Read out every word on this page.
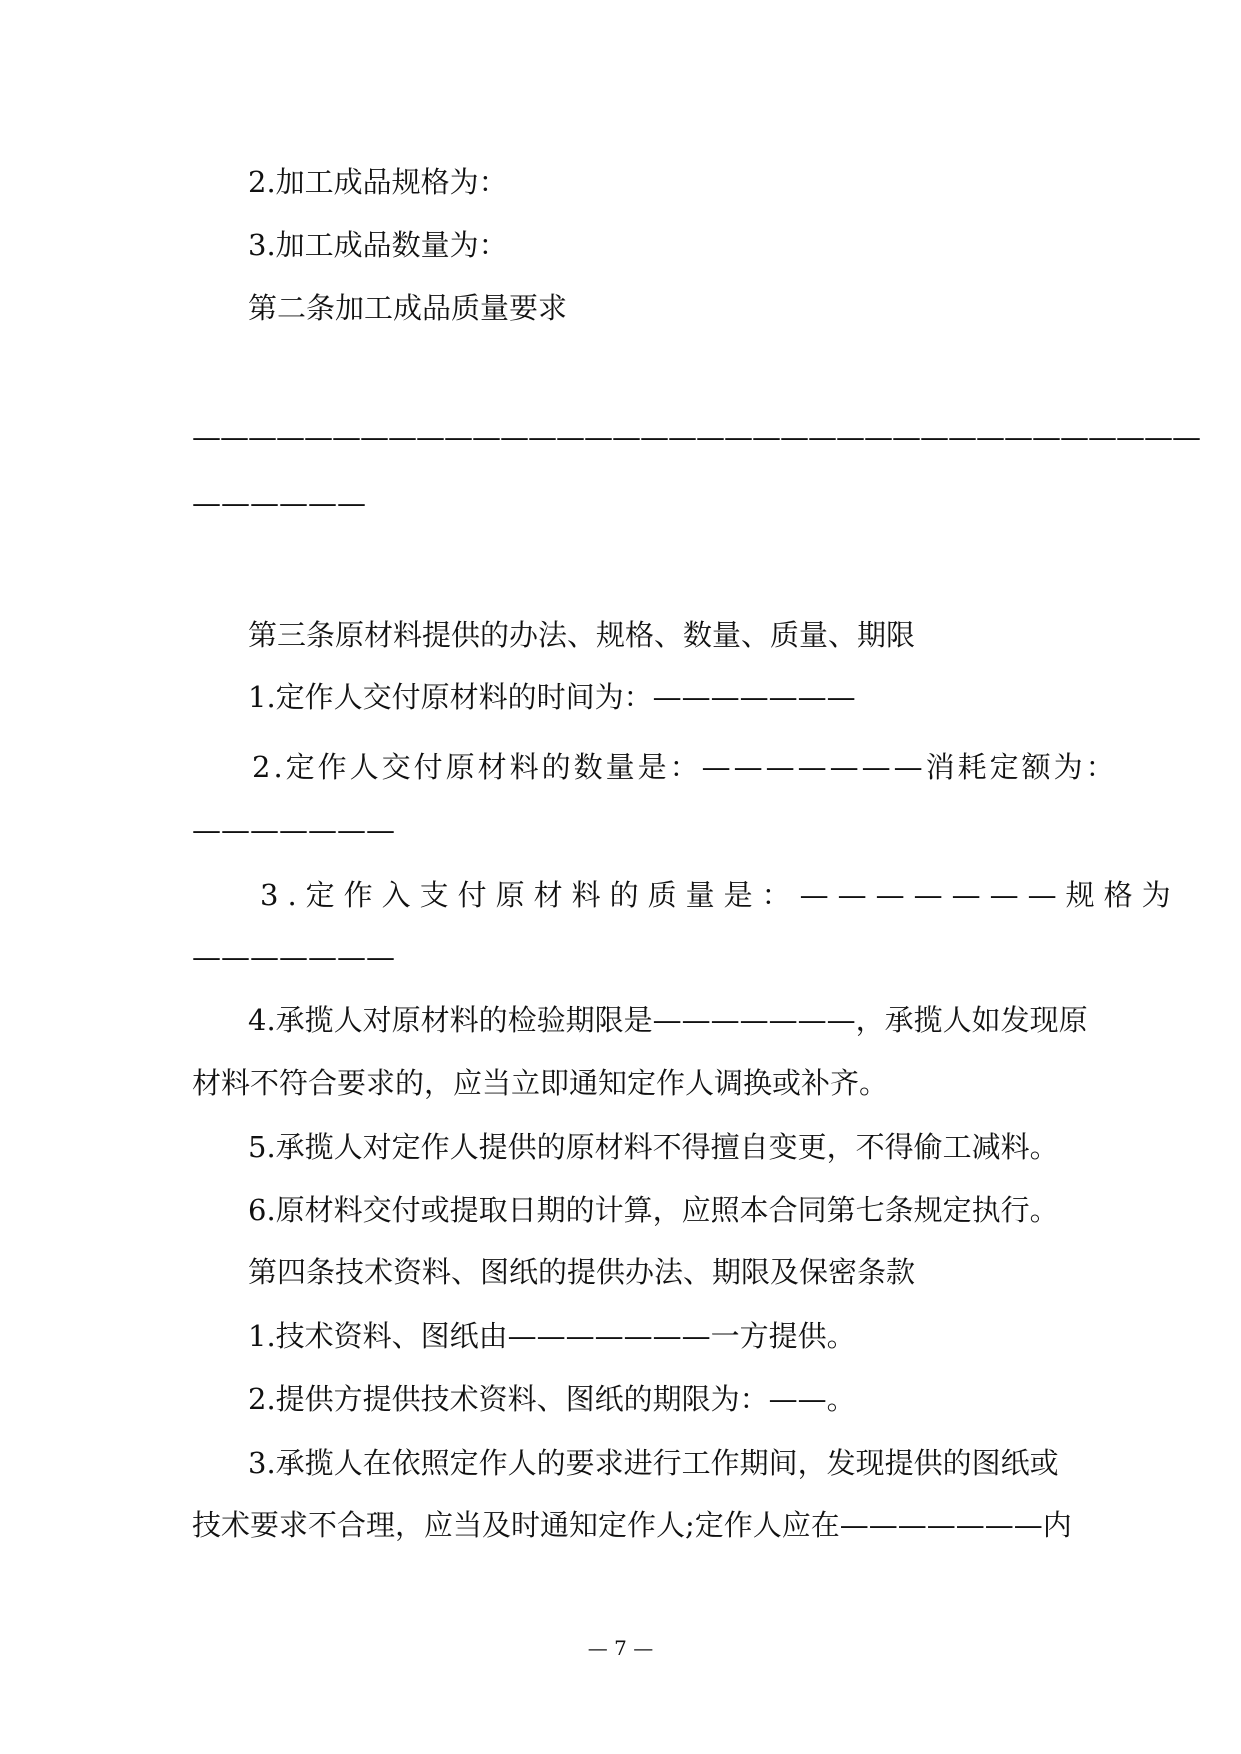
2.加工成品规格为：
3.加工成品数量为：
第二条加工成品质量要求
————————————————————————————————————
——————
第三条原材料提供的办法、规格、数量、质量、期限
1.定作人交付原材料的时间为：———————
2.定作人交付原材料的数量是：———————消耗定额为：
———————
3.定作入支付原材料的质量是：———————规格为
———————
4.承揽人对原材料的检验期限是———————，承揽人如发现原
材料不符合要求的，应当立即通知定作人调换或补齐。
5.承揽人对定作人提供的原材料不得擅自变更，不得偷工减料。
6.原材料交付或提取日期的计算，应照本合同第七条规定执行。
第四条技术资料、图纸的提供办法、期限及保密条款
1.技术资料、图纸由———————一方提供。
2.提供方提供技术资料、图纸的期限为：——。
3.承揽人在依照定作人的要求进行工作期间，发现提供的图纸或
技术要求不合理，应当及时通知定作人;定作人应在———————内
— 7 —
